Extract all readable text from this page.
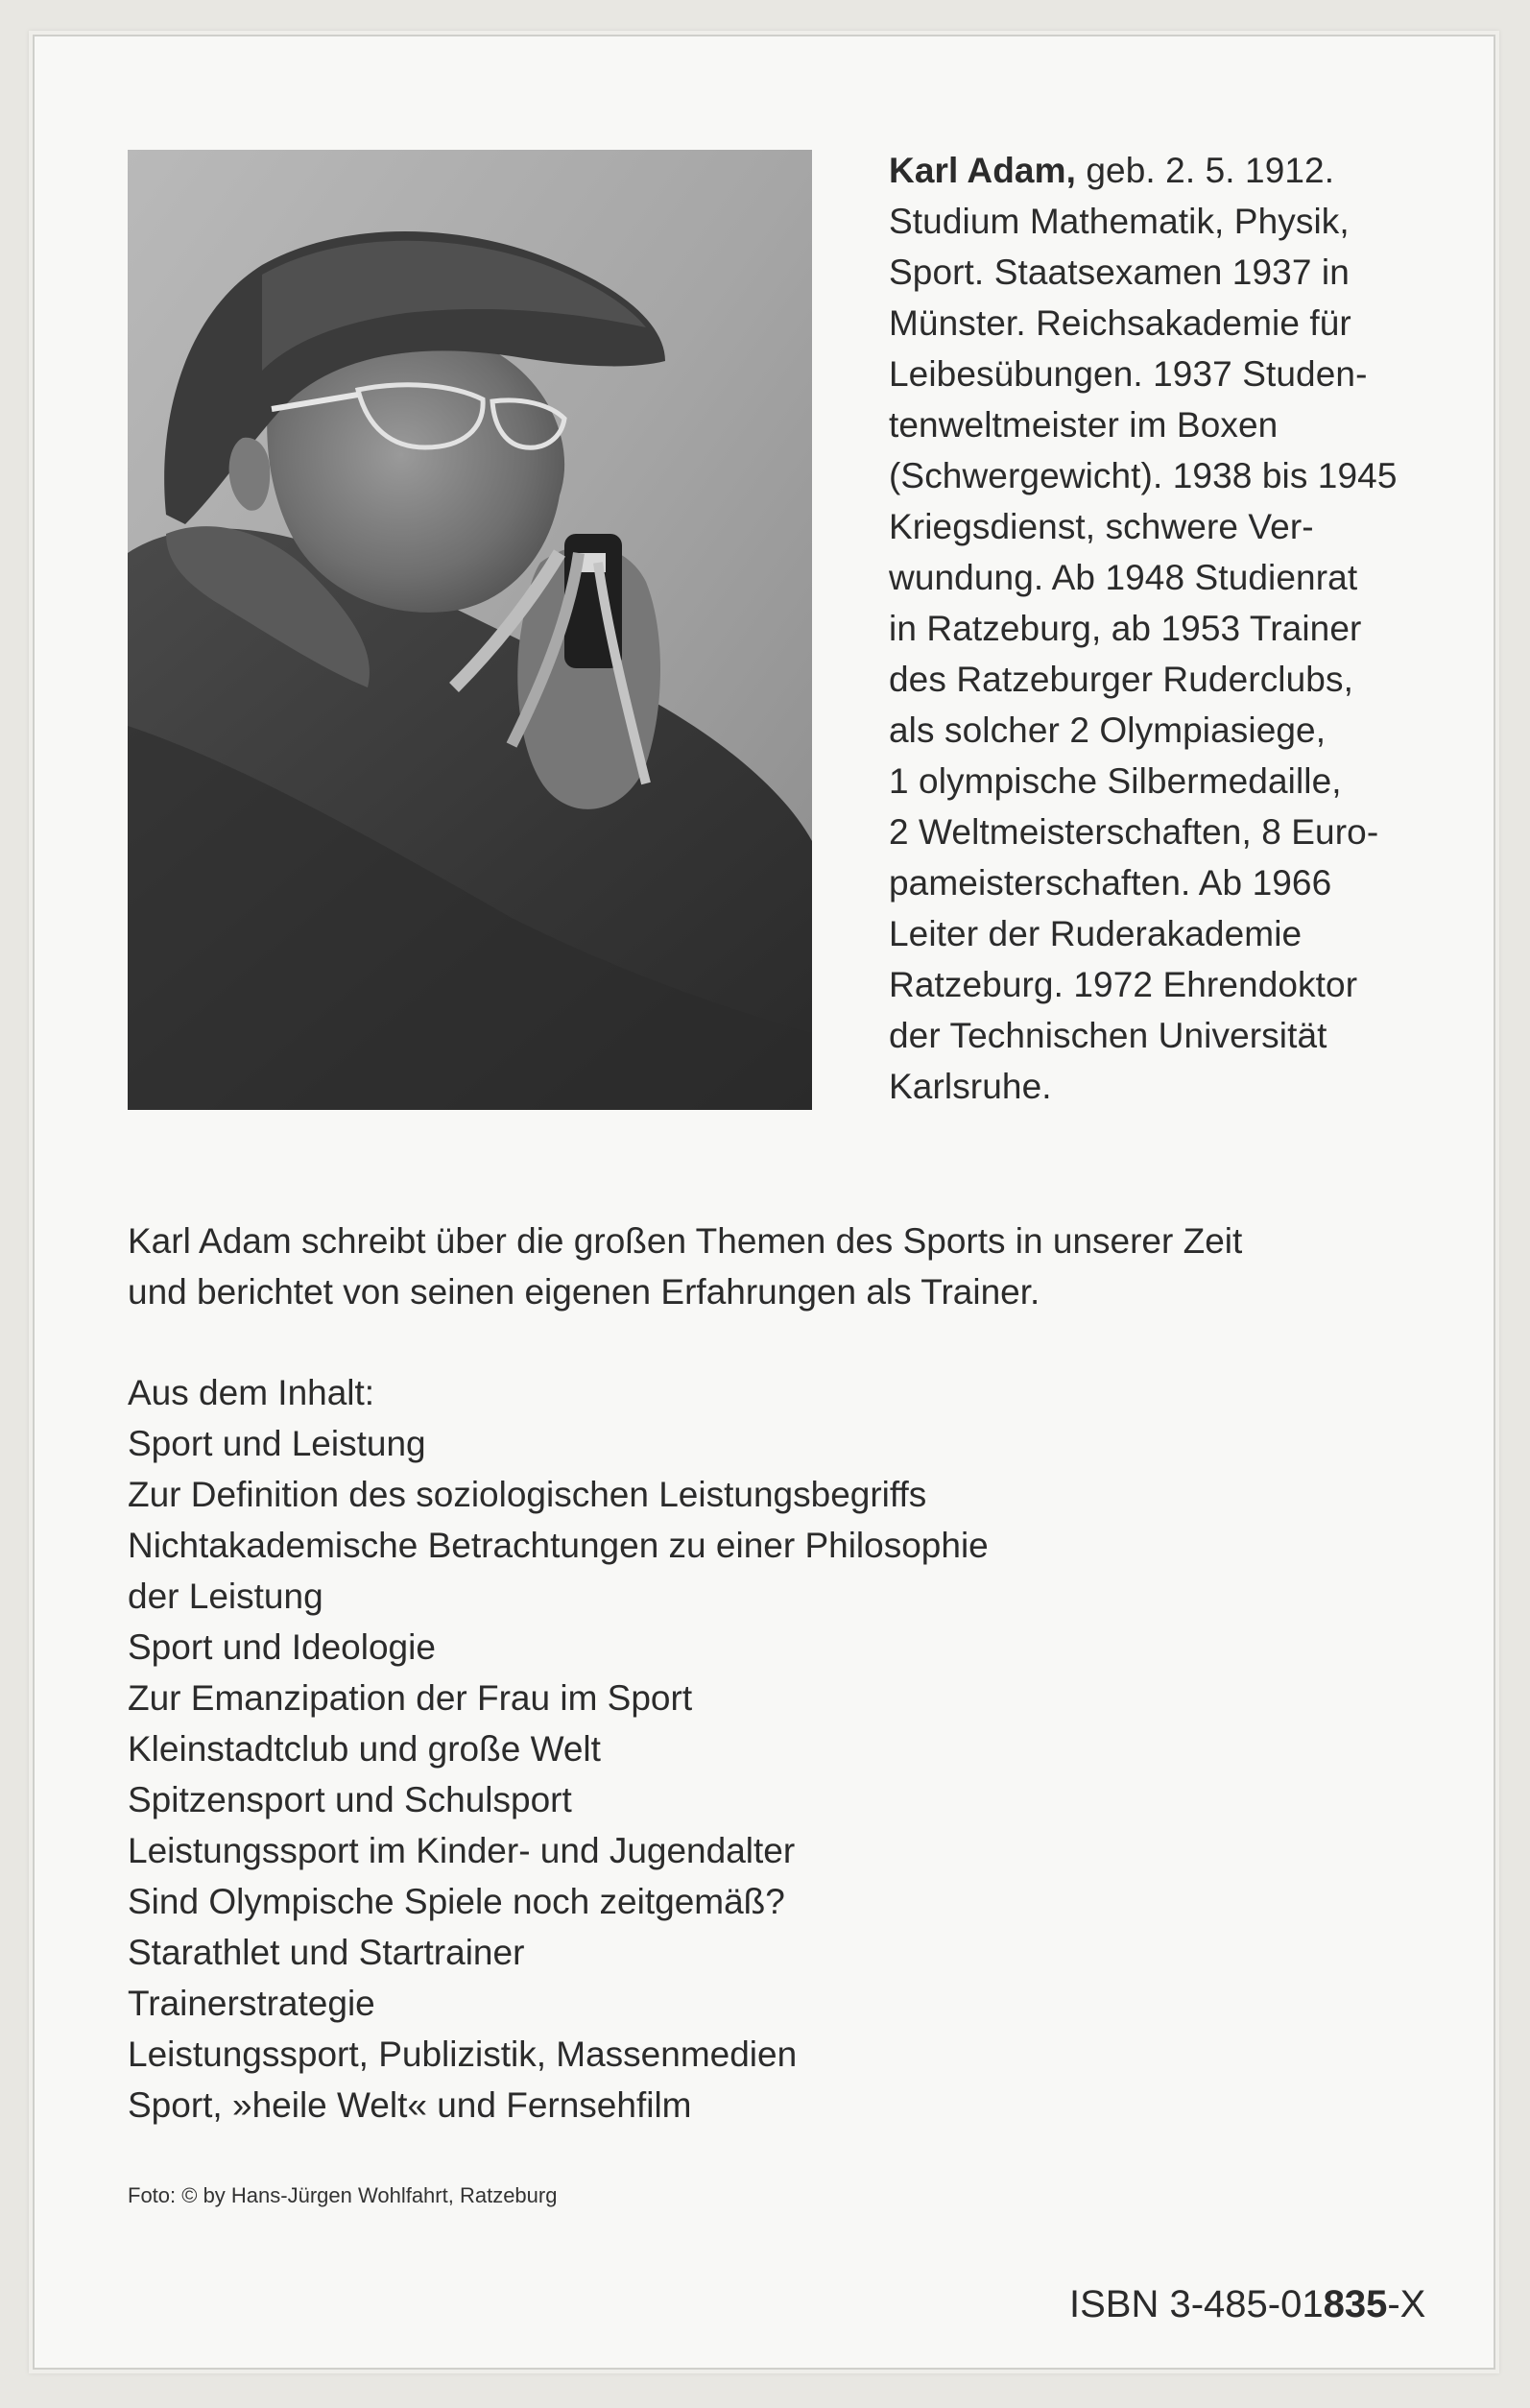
Karl Adam, geb. 2. 5. 1912.
Studium Mathematik, Physik,
Sport. Staatsexamen 1937 in
Münster. Reichsakademie für
Leibesübungen. 1937 Studen-
tenweltmeister im Boxen
(Schwergewicht). 1938 bis 1945
Kriegsdienst, schwere Ver-
wundung. Ab 1948 Studienrat
in Ratzeburg, ab 1953 Trainer
des Ratzeburger Ruderclubs,
als solcher 2 Olympiasiege,
1 olympische Silbermedaille,
2 Weltmeisterschaften, 8 Euro-
pameisterschaften. Ab 1966
Leiter der Ruderakademie
Ratzeburg. 1972 Ehrendoktor
der Technischen Universität
Karlsruhe.
Karl Adam schreibt über die großen Themen des Sports in unserer Zeit
und berichtet von seinen eigenen Erfahrungen als Trainer.
Aus dem Inhalt:
Sport und Leistung
Zur Definition des soziologischen Leistungsbegriffs
Nichtakademische Betrachtungen zu einer Philosophie
der Leistung
Sport und Ideologie
Zur Emanzipation der Frau im Sport
Kleinstadtclub und große Welt
Spitzensport und Schulsport
Leistungssport im Kinder- und Jugendalter
Sind Olympische Spiele noch zeitgemäß?
Starathlet und Startrainer
Trainerstrategie
Leistungssport, Publizistik, Massenmedien
Sport, »heile Welt« und Fernsehfilm
Foto: © by Hans-Jürgen Wohlfahrt, Ratzeburg
ISBN 3-485-01835-X
